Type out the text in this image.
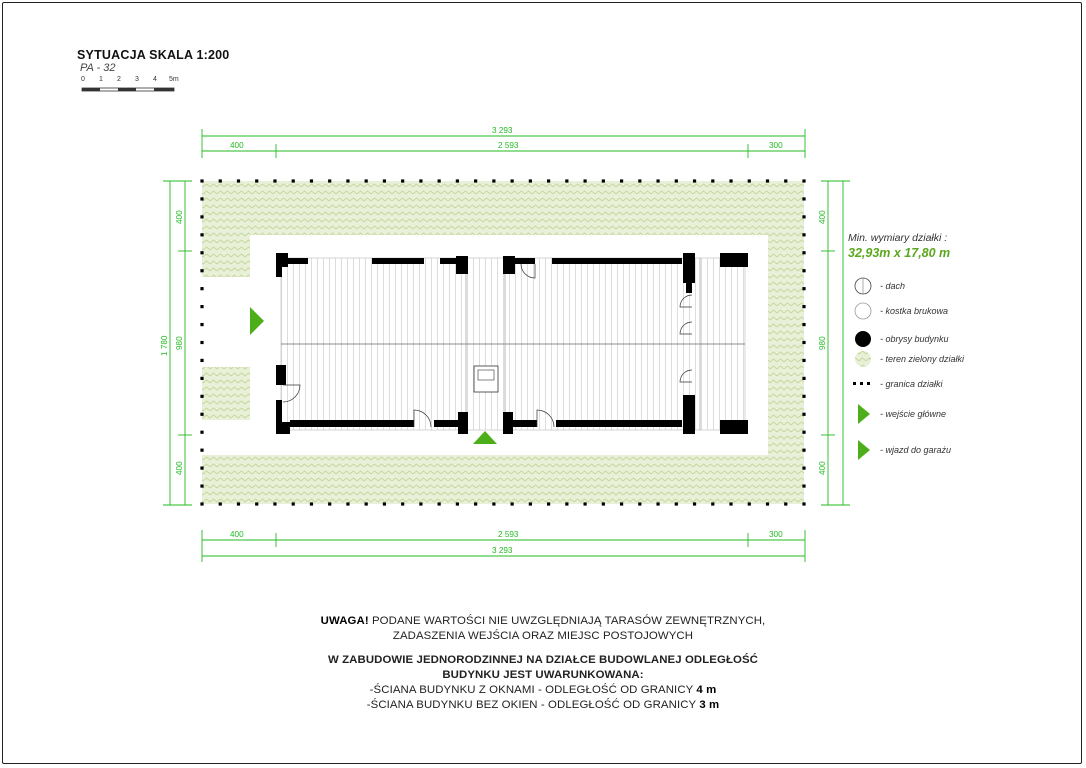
SYTUACJA SKALA 1:200
PA - 32
0 1 2 3 4 5m
3 293
400	2 593	300
400	2 593	300
3 293
1 780
400
980
400
400
980
400
Min. wymiary działki :
32,93m x 17,80 m
- dach
- kostka brukowa
- obrysy budynku
- teren zielony działki
- granica działki
- wejście główne
- wjazd do garażu
UWAGA! PODANE WARTOŚCI NIE UWZGLĘDNIAJĄ TARASÓW ZEWNĘTRZNYCH,
ZADASZENIA WEJŚCIA ORAZ MIEJSC POSTOJOWYCH
W ZABUDOWIE JEDNORODZINNEJ NA DZIAŁCE BUDOWLANEJ ODLEGŁOŚĆ
BUDYNKU JEST UWARUNKOWANA:
-ŚCIANA BUDYNKU Z OKNAMI - ODLEGŁOŚĆ OD GRANICY 4 m
-ŚCIANA BUDYNKU BEZ OKIEN - ODLEGŁOŚĆ OD GRANICY 3 m
